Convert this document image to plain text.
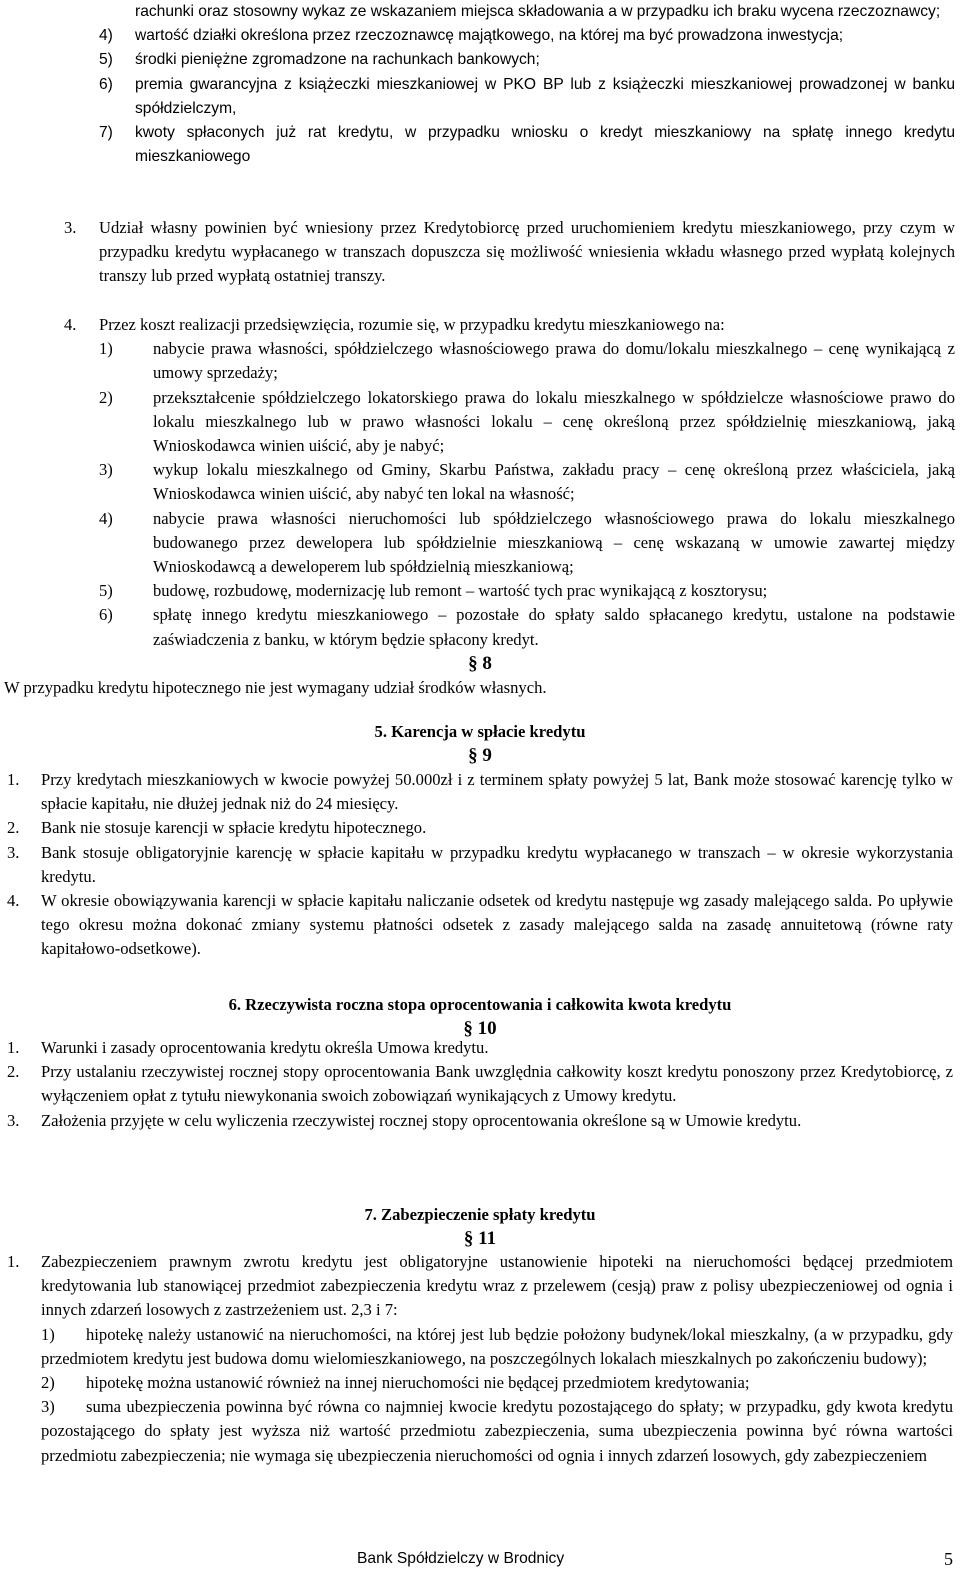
rachunki oraz stosowny wykaz ze wskazaniem miejsca składowania a w przypadku ich braku wycena rzeczoznawcy;
4) wartość działki określona przez rzeczoznawcę majątkowego, na której ma być prowadzona inwestycja;
5) środki pieniężne zgromadzone na rachunkach bankowych;
6) premia gwarancyjna z książeczki mieszkaniowej w PKO BP lub z książeczki mieszkaniowej prowadzonej w banku spółdzielczym,
7) kwoty spłaconych już rat kredytu, w przypadku wniosku o kredyt mieszkaniowy na spłatę innego kredytu mieszkaniowego
3. Udział własny powinien być wniesiony przez Kredytobiorcę przed uruchomieniem kredytu mieszkaniowego, przy czym w przypadku kredytu wypłacanego w transzach dopuszcza się możliwość wniesienia wkładu własnego przed wypłatą kolejnych transzy lub przed wypłatą ostatniej transzy.
4. Przez koszt realizacji przedsięwzięcia, rozumie się, w przypadku kredytu mieszkaniowego na:
1) nabycie prawa własności, spółdzielczego własnościowego prawa do domu/lokalu mieszkalnego – cenę wynikającą z umowy sprzedaży;
2) przekształcenie spółdzielczego lokatorskiego prawa do lokalu mieszkalnego w spółdzielcze własnościowe prawo do lokalu mieszkalnego lub w prawo własności lokalu – cenę określoną przez spółdzielnię mieszkaniową, jaką Wnioskodawca winien uiścić, aby je nabyć;
3) wykup lokalu mieszkalnego od Gminy, Skarbu Państwa, zakładu pracy – cenę określoną przez właściciela, jaką Wnioskodawca winien uiścić, aby nabyć ten lokal na własność;
4) nabycie prawa własności nieruchomości lub spółdzielczego własnościowego prawa do lokalu mieszkalnego budowanego przez dewelopera lub spółdzielnie mieszkaniową – cenę wskazaną w umowie zawartej między Wnioskodawcą a deweloperem lub spółdzielnią mieszkaniową;
5) budowę, rozbudowę, modernizację lub remont – wartość tych prac wynikającą z kosztorysu;
6) spłatę innego kredytu mieszkaniowego – pozostałe do spłaty saldo spłacanego kredytu, ustalone na podstawie zaświadczenia z banku, w którym będzie spłacony kredyt.
§ 8
W przypadku kredytu hipotecznego nie jest wymagany udział środków własnych.
5. Karencja w spłacie kredytu
§ 9
1. Przy kredytach mieszkaniowych w kwocie powyżej 50.000zł i z terminem spłaty powyżej 5 lat, Bank może stosować karencję tylko w spłacie kapitału, nie dłużej jednak niż do 24 miesięcy.
2. Bank nie stosuje karencji w spłacie kredytu hipotecznego.
3. Bank stosuje obligatoryjnie karencję w spłacie kapitału w przypadku kredytu wypłacanego w transzach – w okresie wykorzystania kredytu.
4. W okresie obowiązywania karencji w spłacie kapitału naliczanie odsetek od kredytu następuje wg zasady malejącego salda. Po upływie tego okresu można dokonać zmiany systemu płatności odsetek z zasady malejącego salda na zasadę annuitetową (równe raty kapitałowo-odsetkowe).
6. Rzeczywista roczna stopa oprocentowania i całkowita kwota kredytu
§ 10
1. Warunki i zasady oprocentowania kredytu określa Umowa kredytu.
2. Przy ustalaniu rzeczywistej rocznej stopy oprocentowania Bank uwzględnia całkowity koszt kredytu ponoszony przez Kredytobiorcę, z wyłączeniem opłat z tytułu niewykonania swoich zobowiązań wynikających z Umowy kredytu.
3. Założenia przyjęte w celu wyliczenia rzeczywistej rocznej stopy oprocentowania określone są w Umowie kredytu.
7. Zabezpieczenie spłaty kredytu
§ 11
1. Zabezpieczeniem prawnym zwrotu kredytu jest obligatoryjne ustanowienie hipoteki na nieruchomości będącej przedmiotem kredytowania lub stanowiącej przedmiot zabezpieczenia kredytu wraz z przelewem (cesją) praw z polisy ubezpieczeniowej od ognia i innych zdarzeń losowych z zastrzeżeniem ust. 2,3 i 7:
1)	hipotekę należy ustanowić na nieruchomości, na której jest lub będzie położony budynek/lokal mieszkalny, (a w przypadku, gdy przedmiotem kredytu jest budowa domu wielomieszkaniowego, na poszczególnych lokalach mieszkalnych po zakończeniu budowy);
2)	hipotekę można ustanowić również na innej nieruchomości nie będącej przedmiotem kredytowania;
3)	suma ubezpieczenia powinna być równa co najmniej kwocie kredytu pozostającego do spłaty; w przypadku, gdy kwota kredytu pozostającego do spłaty jest wyższa niż wartość przedmiotu zabezpieczenia, suma ubezpieczenia powinna być równa wartości przedmiotu zabezpieczenia; nie wymaga się ubezpieczenia nieruchomości od ognia i innych zdarzeń losowych, gdy zabezpieczeniem
Bank Spółdzielczy w Brodnicy	5
